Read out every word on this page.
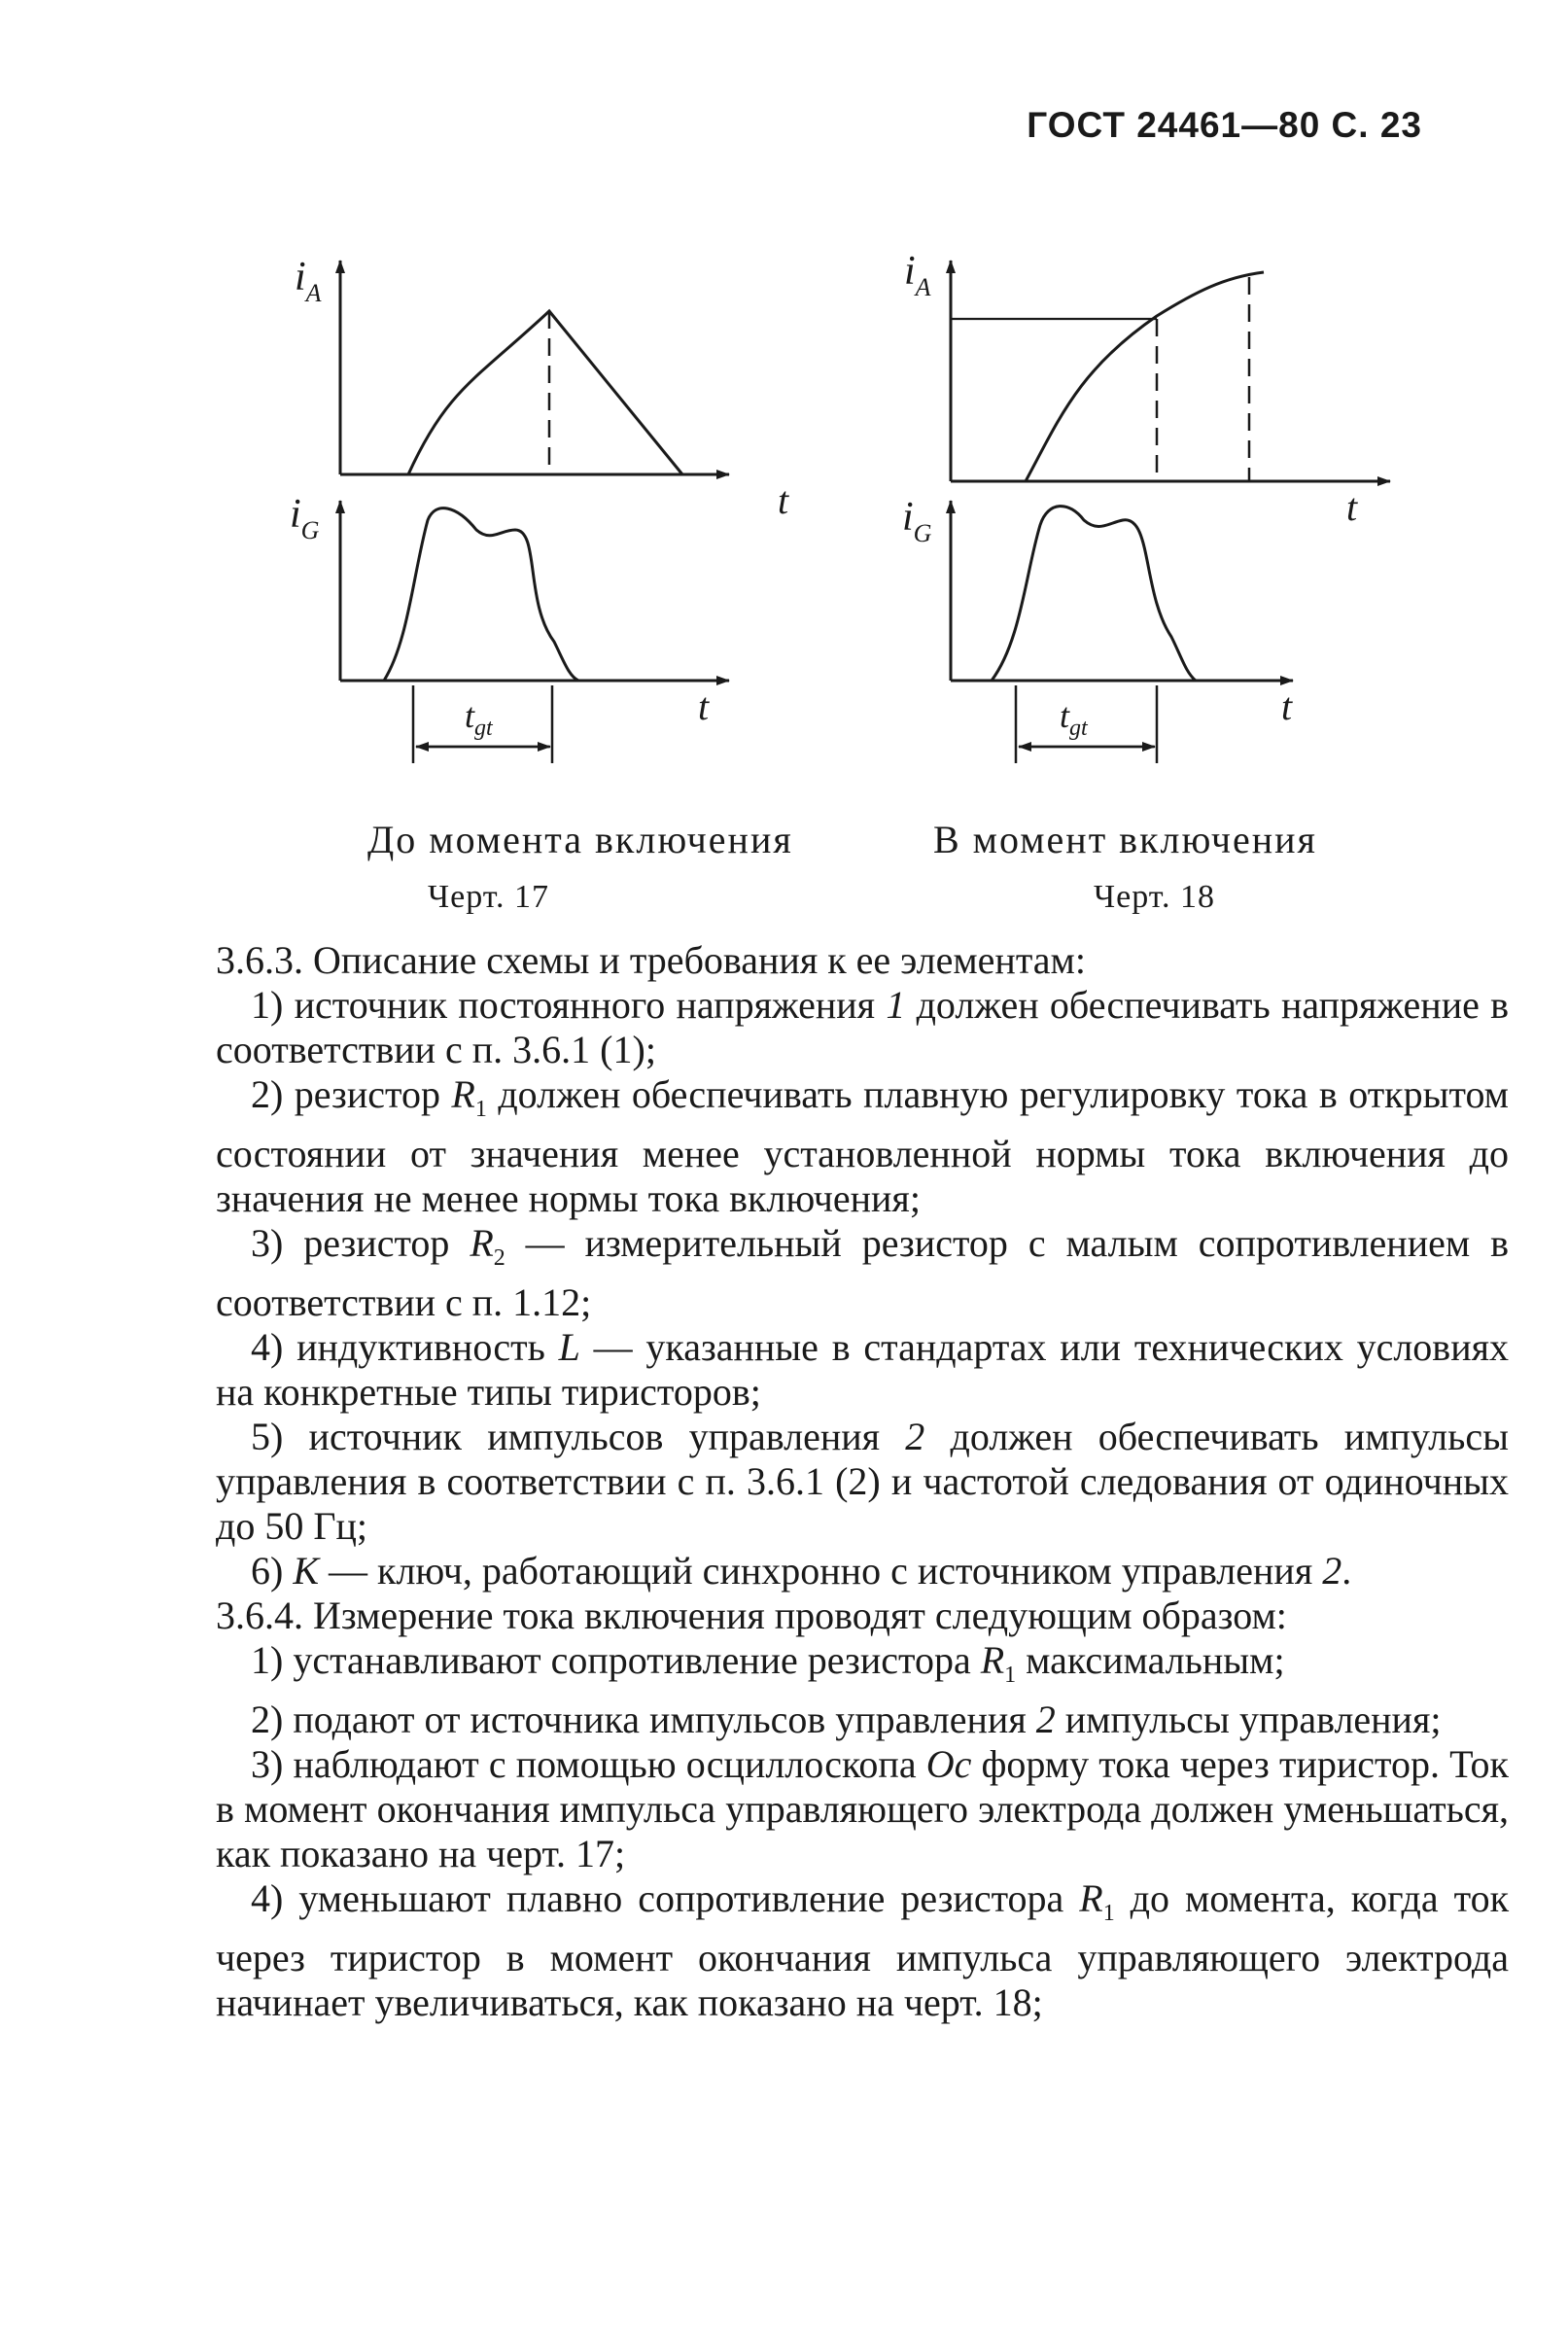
ГОСТ 24461—80 С. 23
$i_A$
$i_G$
t
t
$t_{gt}$
$i_A$
$i_G$
t
t
$t_{gt}$
До момента включения
Черт. 17
В момент включения
Черт. 18

3.6.3. Описание схемы и требования к ее элементам:

1) источник постоянного напряжения 1 должен обеспечивать напряжение в соответствии с п. 3.6.1 (1);

2) резистор $R_1$ должен обеспечивать плавную регулировку тока в открытом состоянии от значения менее установленной нормы тока включения до значения не менее нормы тока включения;

3) резистор $R_2$ — измерительный резистор с малым сопротивлением в соответствии с п. 1.12;

4) индуктивность L — указанные в стандартах или технических условиях на конкретные типы тиристоров;

5) источник импульсов управления 2 должен обеспечивать импульсы управления в соответствии с п. 3.6.1 (2) и частотой следования от одиночных до 50 Гц;

6) K — ключ, работающий синхронно с источником управления 2.

3.6.4. Измерение тока включения проводят следующим образом:

1) устанавливают сопротивление резистора $R_1$ максимальным;

2) подают от источника импульсов управления 2 импульсы управления;

3) наблюдают с помощью осциллоскопа Oc форму тока через тиристор. Ток в момент окончания импульса управляющего электрода должен уменьшаться, как показано на черт. 17;

4) уменьшают плавно сопротивление резистора $R_1$ до момента, когда ток через тиристор в момент окончания импульса управляющего электрода начинает увеличиваться, как показано на черт. 18;
